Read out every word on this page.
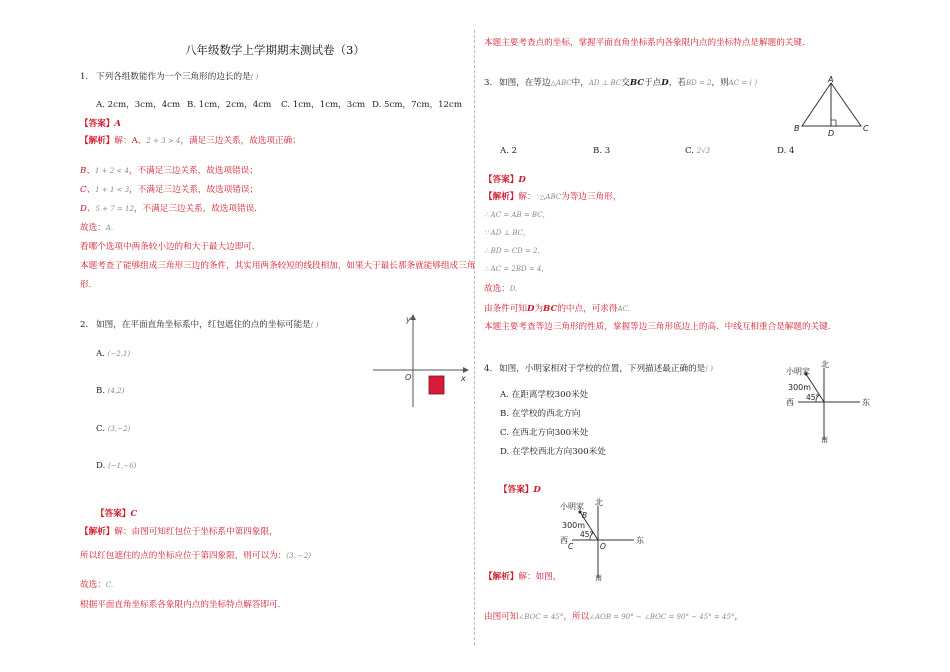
八年级数学上学期期末测试卷（3）
1. 下列各组数能作为一个三角形的边长的是( )
A. 2cm，3cm，4cm B. 1cm，2cm，4cm C. 1cm，1cm，3cm D. 5cm，7cm，12cm
【答案】A
【解析】解：A、2 + 3 > 4，满足三边关系，故选项正确；
B、1 + 2 < 4，不满足三边关系，故选项错误；
C、1 + 1 < 3，不满足三边关系，故选项错误；
D、5 + 7 = 12，不满足三边关系，故选项错误．
故选：A.
看哪个选项中两条较小边的和大于最大边即可．
本题考查了能够组成三角形三边的条件，其实用两条较短的线段相加，如果大于最长那条就能够组成三角
形．
2. 如图，在平面直角坐标系中，红包遮住的点的坐标可能是( )
A. (−2,1)
B. (4,2)
C. (3,−2)
D. (−1,−6)
y
x
O
【答案】C
【解析】解：由图可知红包位于坐标系中第四象限，
所以红包遮住的点的坐标应位于第四象限，则可以为：(3, −2)
故选：C.
根据平面直角坐标系各象限内点的坐标特点解答即可．
本题主要考查点的坐标，掌握平面直角坐标系内各象限内点的坐标特点是解题的关键．
3. 如图，在等边△ABC中，AD ⊥ BC交BC于点D，若BD = 2，则AC = ( )	A
B
D
C
A. 2	B. 3	C. 2√3	D. 4
【答案】D
【解析】解：∵△ABC为等边三角形，
∴ AC = AB = BC，
∵ AD ⊥ BC，
∴ BD = CD = 2，
∴ AC = 2BD = 4，
故选：D.
由条件可知D为BC的中点，可求得AC.
本题主要考查等边三角形的性质，掌握等边三角形底边上的高、中线互相重合是解题的关键．
4. 如图，小明家相对于学校的位置，下列描述最正确的是( )
A. 在距离学校300米处
B. 在学校的西北方向
C. 在西北方向300米处
D. 在学校西北方向300米处
北
南
西	东
小明家
300m
45°
【答案】D
北
南
西	东
小明家
B
300m
45°
C	O
【解析】解：如图，
由图可知∠BOC = 45°，所以∠AOB = 90° − ∠BOC = 90° − 45° = 45°，
